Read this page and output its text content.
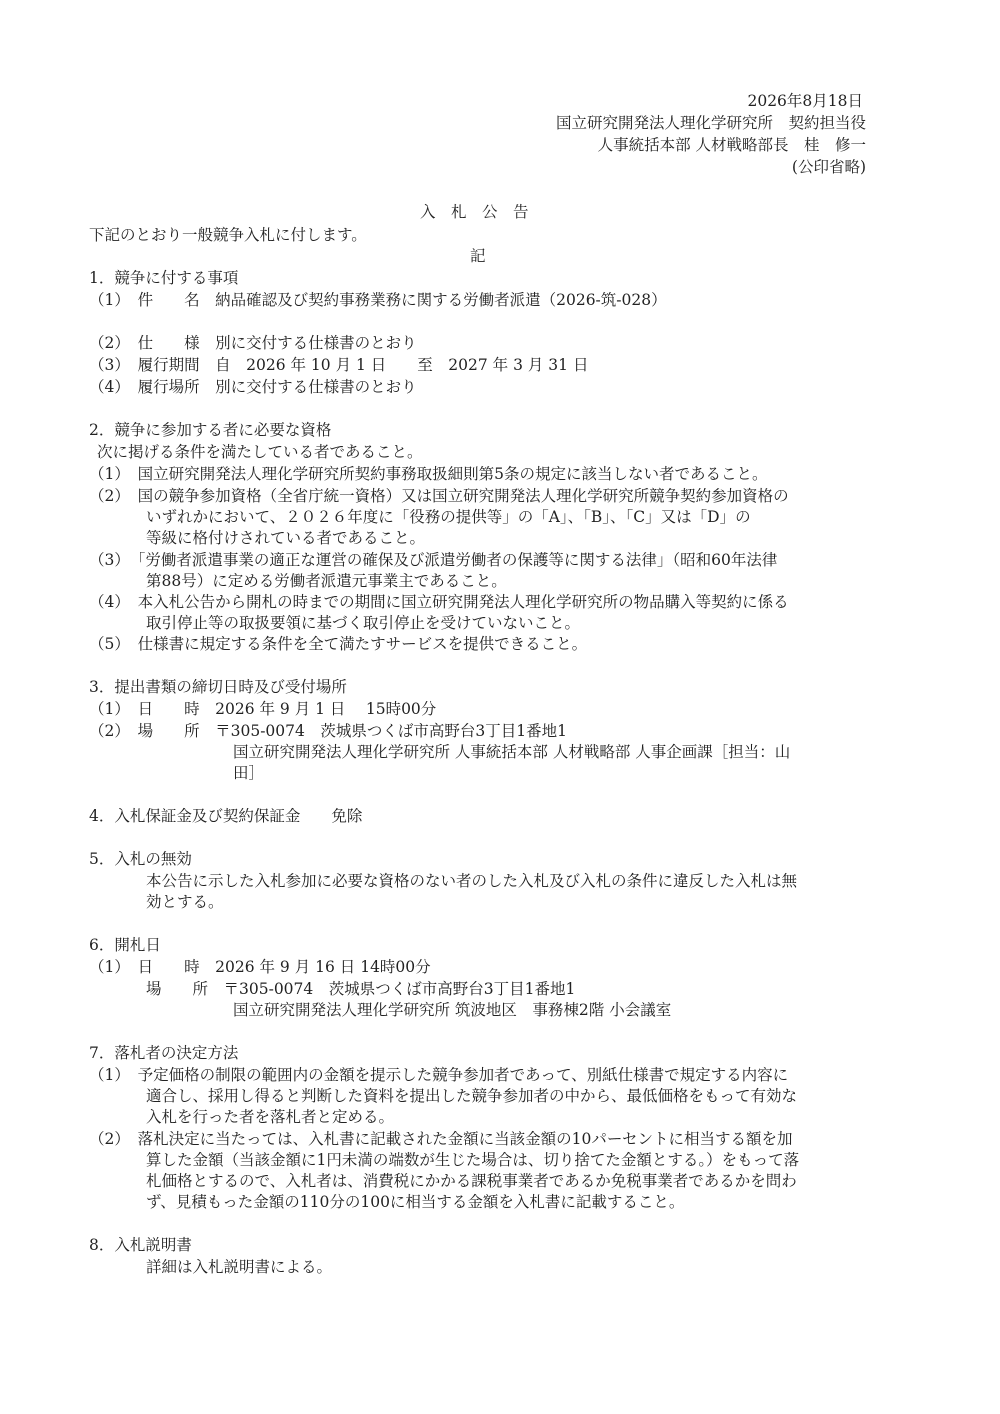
2026年8月18日
国立研究開発法人理化学研究所　契約担当役
人事統括本部 人材戦略部長　桂　修一
(公印省略)
入　札　公　告
下記のとおり一般競争入札に付します。
記
1．競争に付する事項
（1）　件　　名　納品確認及び契約事務業務に関する労働者派遣（2026-筑-028）
（2）　仕　　様　別に交付する仕様書のとおり
（3）　履行期間　自　2026 年 10 月 1 日　　至　2027 年 3 月 31 日
（4）　履行場所　別に交付する仕様書のとおり
2．競争に参加する者に必要な資格
次に掲げる条件を満たしている者であること。
（1）　国立研究開発法人理化学研究所契約事務取扱細則第5条の規定に該当しない者であること。
（2）　国の競争参加資格（全省庁統一資格）又は国立研究開発法人理化学研究所競争契約参加資格の
いずれかにおいて、２０２６年度に「役務の提供等」の「A」、「B」、「C」又は「D」の
等級に格付けされている者であること。
（3）　「労働者派遣事業の適正な運営の確保及び派遣労働者の保護等に関する法律」（昭和60年法律
第88号）に定める労働者派遣元事業主であること。
（4）　本入札公告から開札の時までの期間に国立研究開発法人理化学研究所の物品購入等契約に係る
取引停止等の取扱要領に基づく取引停止を受けていないこと。
（5）　仕様書に規定する条件を全て満たすサービスを提供できること。
3．提出書類の締切日時及び受付場所
（1）　日　　時　2026 年 9 月 1 日　 15時00分
（2）　場　　所　〒305-0074　茨城県つくば市高野台3丁目1番地1
国立研究開発法人理化学研究所 人事統括本部 人材戦略部 人事企画課［担当：山
田］
4．入札保証金及び契約保証金　　免除
5．入札の無効
本公告に示した入札参加に必要な資格のない者のした入札及び入札の条件に違反した入札は無
効とする。
6．開札日
（1）　日　　時　2026 年 9 月 16 日 14時00分
場　　所　〒305-0074　茨城県つくば市高野台3丁目1番地1
国立研究開発法人理化学研究所 筑波地区　事務棟2階 小会議室
7．落札者の決定方法
（1）　予定価格の制限の範囲内の金額を提示した競争参加者であって、別紙仕様書で規定する内容に
適合し、採用し得ると判断した資料を提出した競争参加者の中から、最低価格をもって有効な
入札を行った者を落札者と定める。
（2）　落札決定に当たっては、入札書に記載された金額に当該金額の10パーセントに相当する額を加
算した金額（当該金額に1円未満の端数が生じた場合は、切り捨てた金額とする。）をもって落
札価格とするので、入札者は、消費税にかかる課税事業者であるか免税事業者であるかを問わ
ず、見積もった金額の110分の100に相当する金額を入札書に記載すること。
8．入札説明書
詳細は入札説明書による。
